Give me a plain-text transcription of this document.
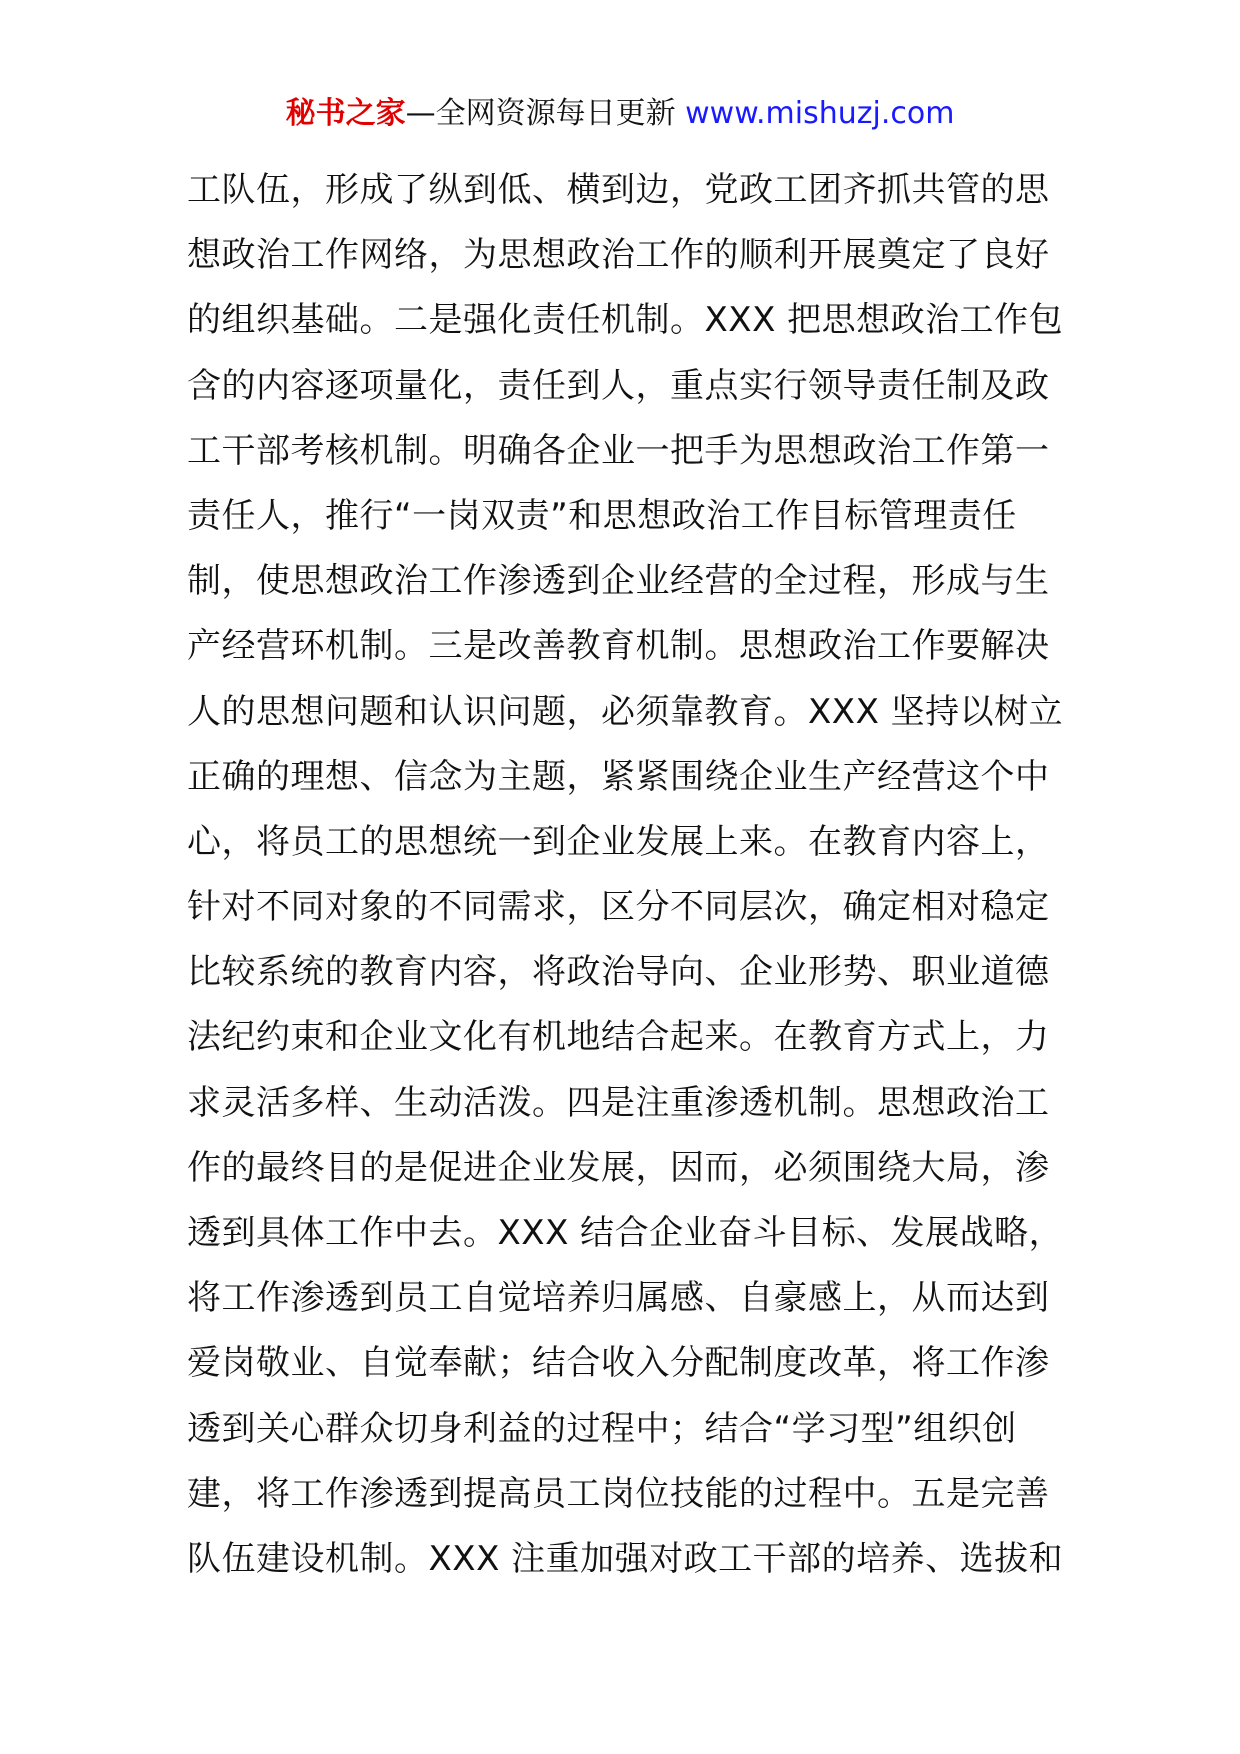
秘书之家—全网资源每日更新 www.mishuzj.com
工队伍，形成了纵到低、横到边，党政工团齐抓共管的思
想政治工作网络，为思想政治工作的顺利开展奠定了良好
的组织基础。二是强化责任机制。XXX 把思想政治工作包
含的内容逐项量化，责任到人，重点实行领导责任制及政
工干部考核机制。明确各企业一把手为思想政治工作第一
责任人，推行“一岗双责”和思想政治工作目标管理责任
制，使思想政治工作渗透到企业经营的全过程，形成与生
产经营环机制。三是改善教育机制。思想政治工作要解决
人的思想问题和认识问题，必须靠教育。XXX 坚持以树立
正确的理想、信念为主题，紧紧围绕企业生产经营这个中
心，将员工的思想统一到企业发展上来。在教育内容上，
针对不同对象的不同需求，区分不同层次，确定相对稳定
比较系统的教育内容，将政治导向、企业形势、职业道德
法纪约束和企业文化有机地结合起来。在教育方式上，力
求灵活多样、生动活泼。四是注重渗透机制。思想政治工
作的最终目的是促进企业发展，因而，必须围绕大局，渗
透到具体工作中去。XXX 结合企业奋斗目标、发展战略，
将工作渗透到员工自觉培养归属感、自豪感上，从而达到
爱岗敬业、自觉奉献；结合收入分配制度改革，将工作渗
透到关心群众切身利益的过程中；结合“学习型”组织创
建，将工作渗透到提高员工岗位技能的过程中。五是完善
队伍建设机制。XXX 注重加强对政工干部的培养、选拔和
